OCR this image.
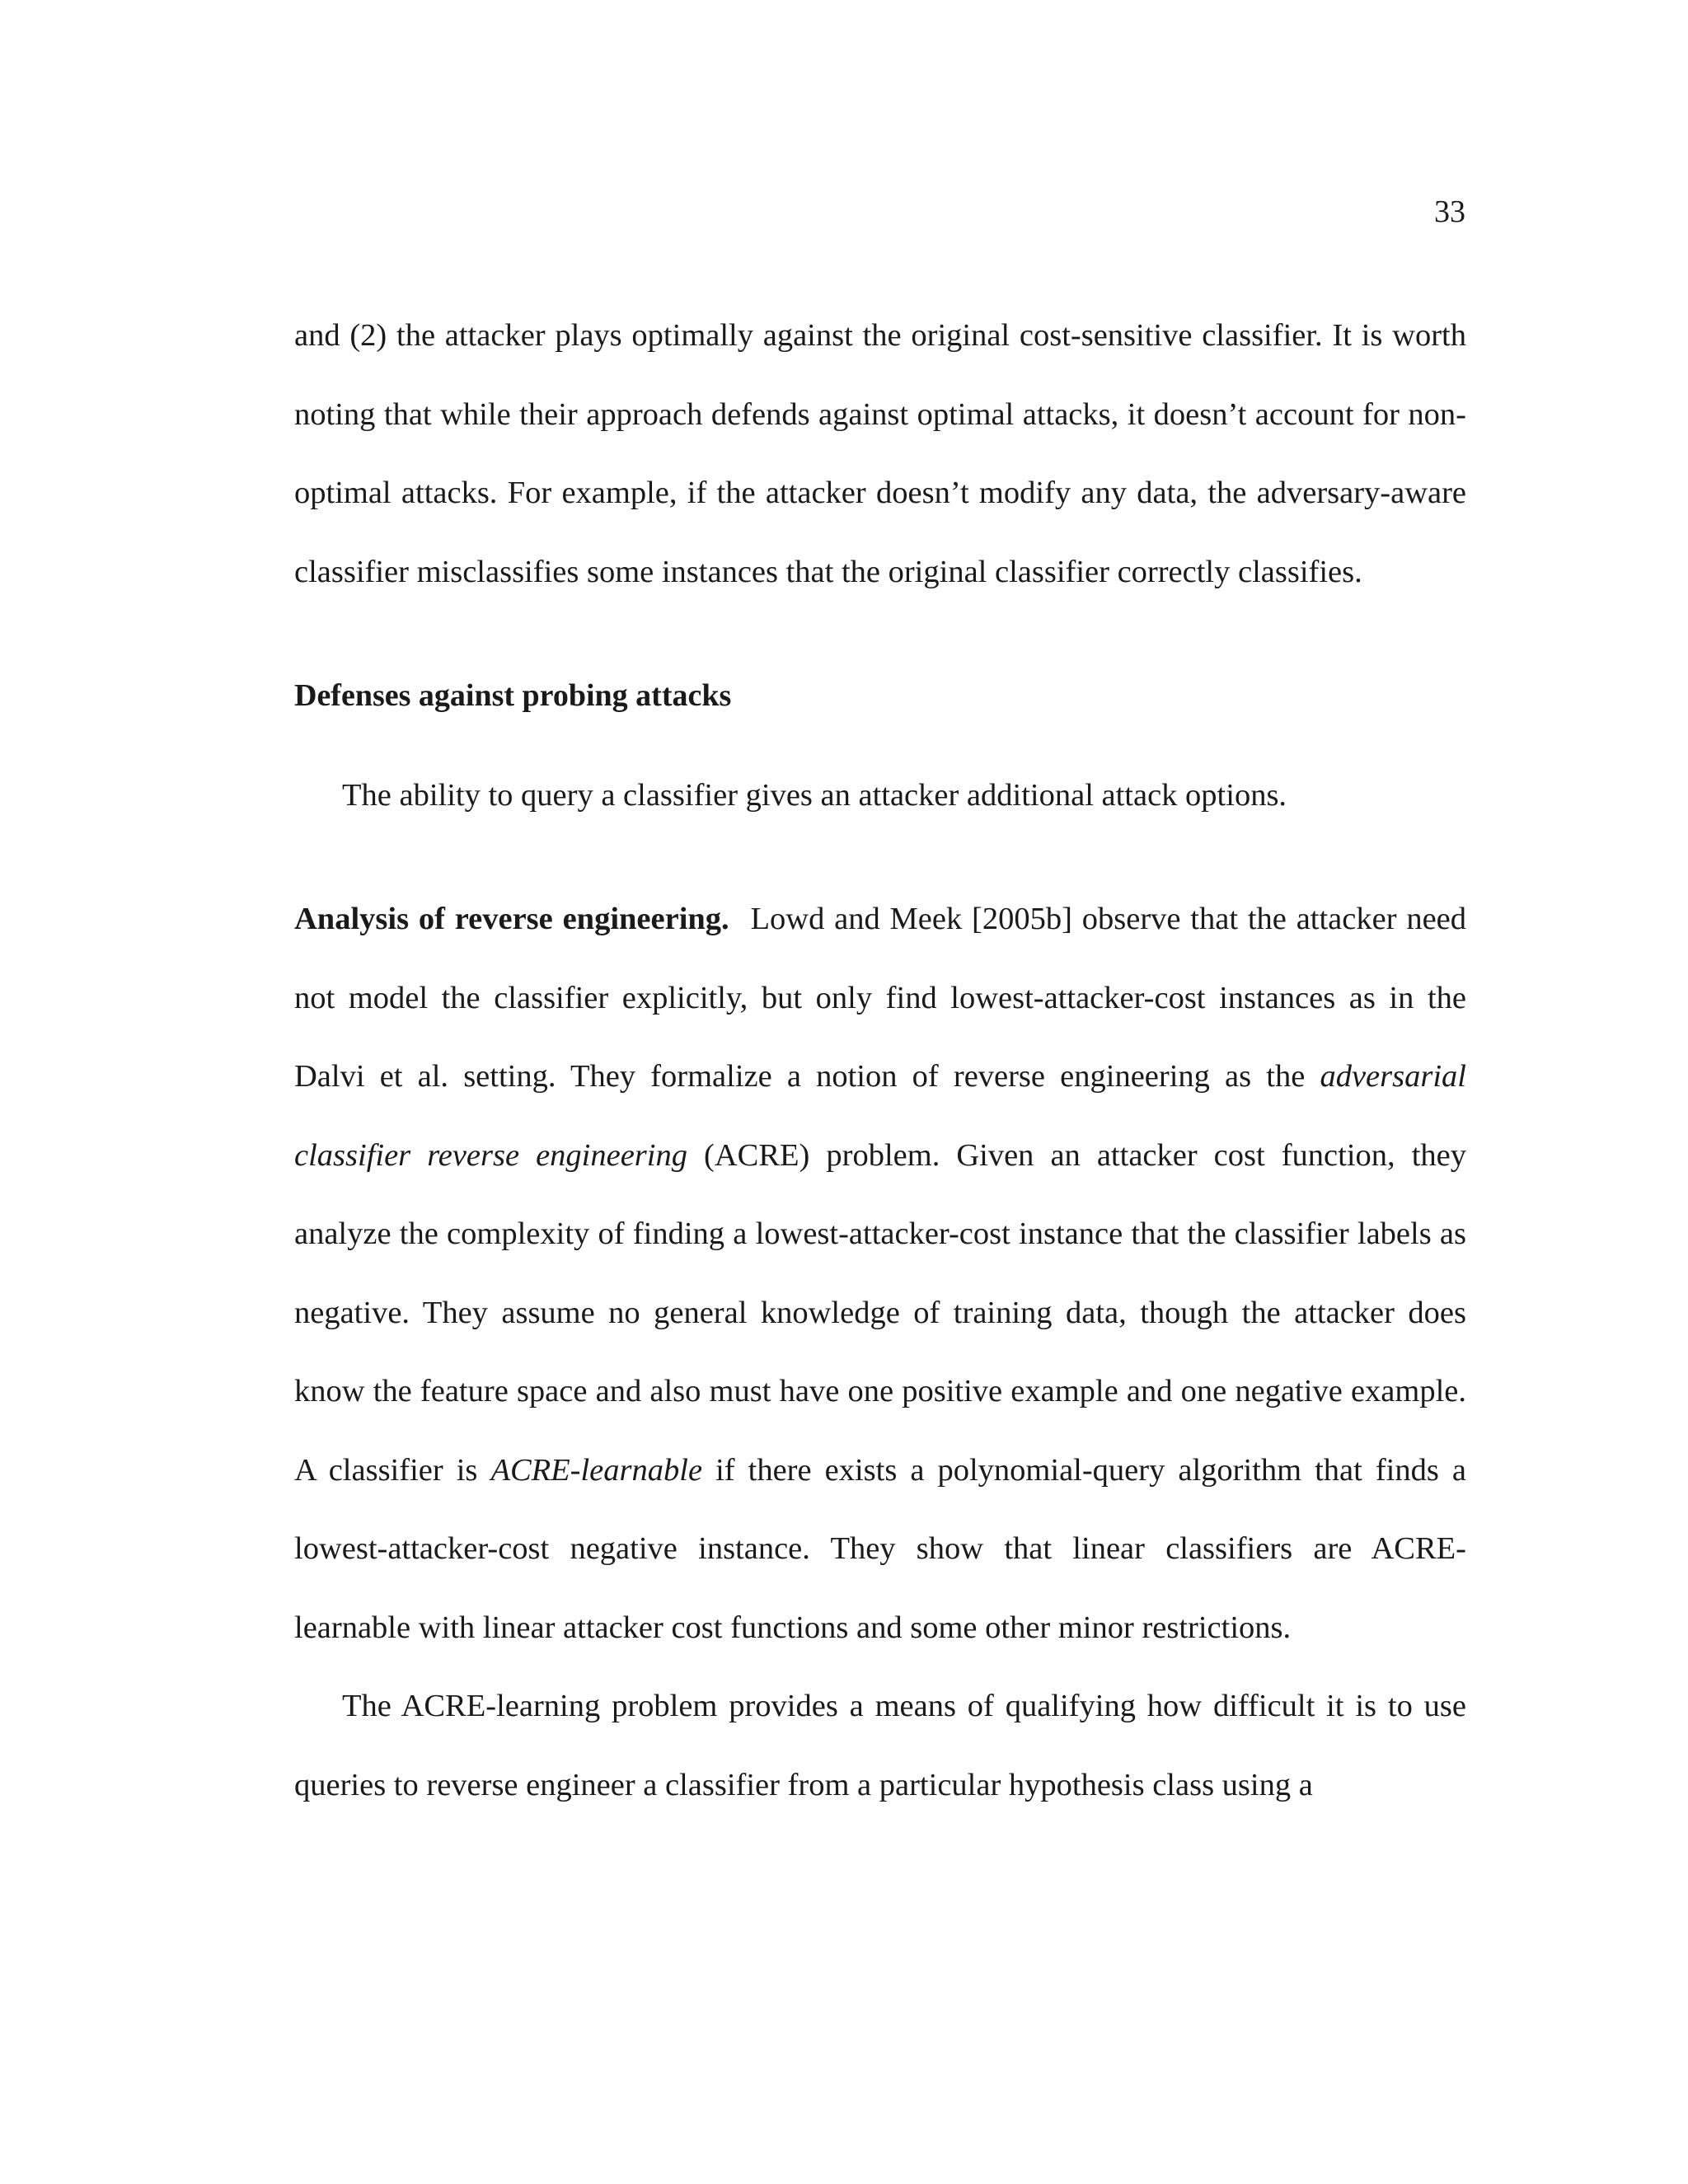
33

and (2) the attacker plays optimally against the original cost-sensitive classifier. It is worth noting that while their approach defends against optimal attacks, it doesn’t account for non-optimal attacks. For example, if the attacker doesn’t modify any data, the adversary-aware classifier misclassifies some instances that the original classifier correctly classifies.

Defenses against probing attacks

The ability to query a classifier gives an attacker additional attack options.

Analysis of reverse engineering. Lowd and Meek [2005b] observe that the attacker need not model the classifier explicitly, but only find lowest-attacker-cost instances as in the Dalvi et al. setting. They formalize a notion of reverse engineering as the adversarial classifier reverse engineering (ACRE) problem. Given an attacker cost function, they analyze the complexity of finding a lowest-attacker-cost instance that the classifier labels as negative. They assume no general knowledge of training data, though the attacker does know the feature space and also must have one positive example and one negative example. A classifier is ACRE-learnable if there exists a polynomial-query algorithm that finds a lowest-attacker-cost negative instance. They show that linear classifiers are ACRE-learnable with linear attacker cost functions and some other minor restrictions.

The ACRE-learning problem provides a means of qualifying how difficult it is to use queries to reverse engineer a classifier from a particular hypothesis class using a
